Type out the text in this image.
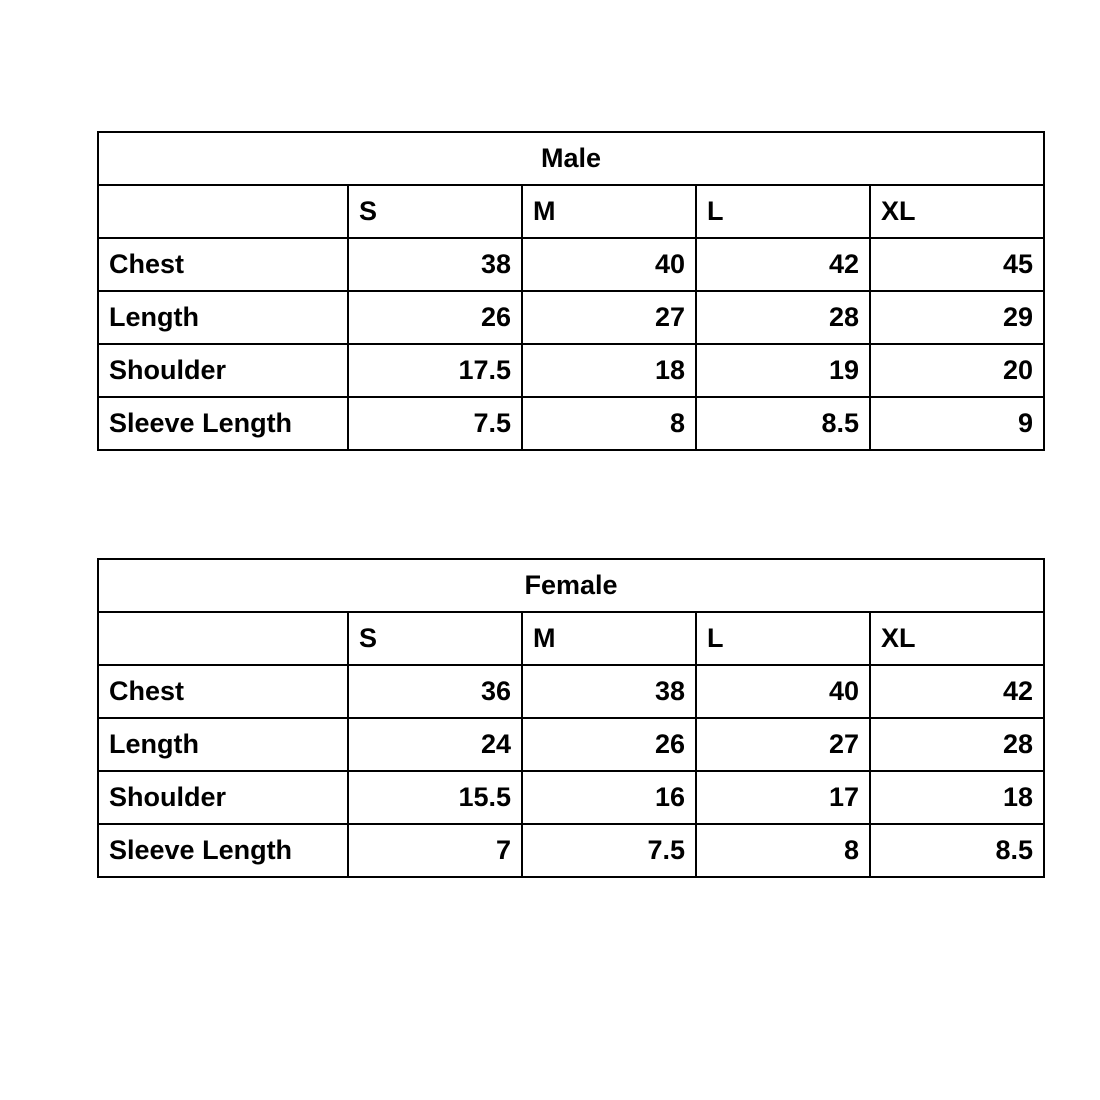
Male				
	S	M	L	XL
Chest	38	40	42	45
Length	26	27	28	29
Shoulder	17.5	18	19	20
Sleeve Length	7.5	8	8.5	9
Female				
	S	M	L	XL
Chest	36	38	40	42
Length	24	26	27	28
Shoulder	15.5	16	17	18
Sleeve Length	7	7.5	8	8.5
